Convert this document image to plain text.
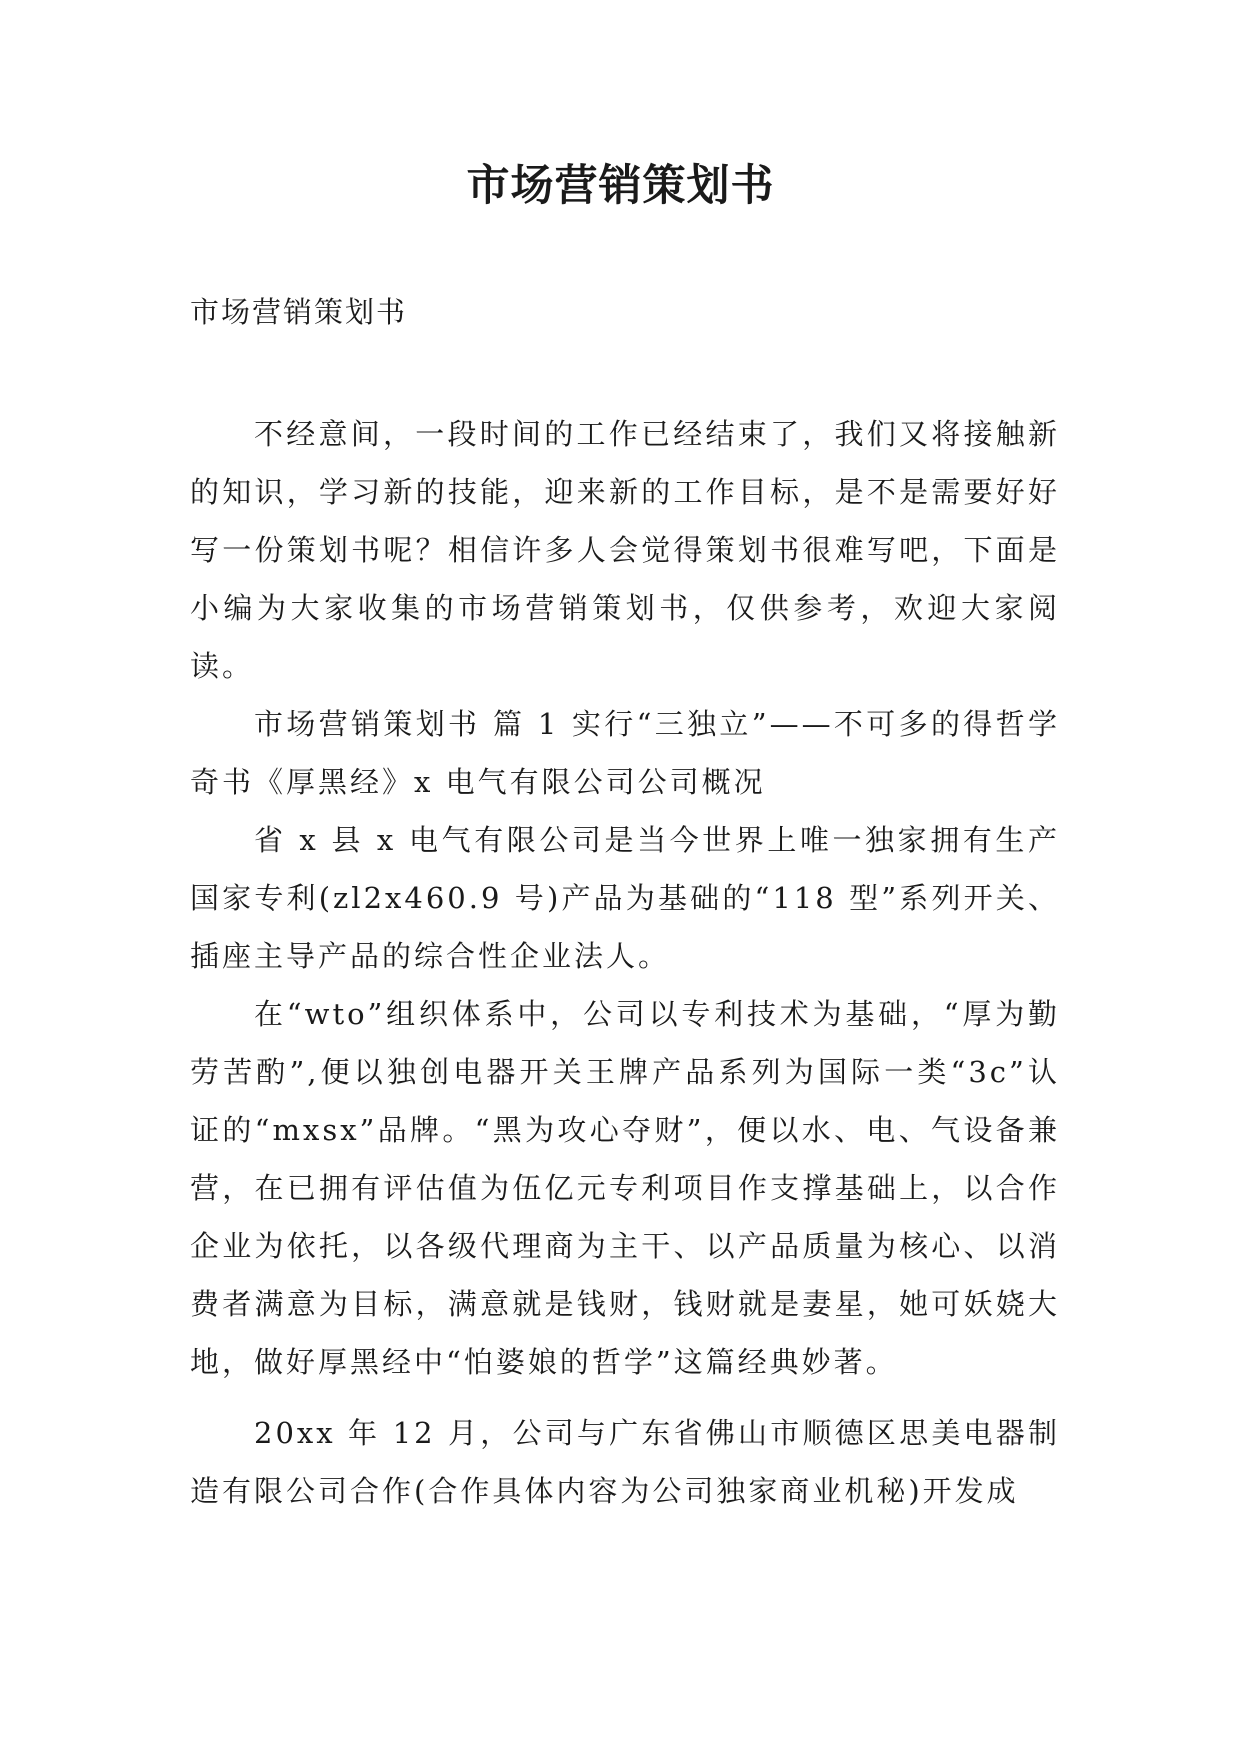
市场营销策划书
市场营销策划书

不经意间，一段时间的工作已经结束了，我们又将接触新的知识，学习新的技能，迎来新的工作目标，是不是需要好好写一份策划书呢？相信许多人会觉得策划书很难写吧，下面是小编为大家收集的市场营销策划书，仅供参考，欢迎大家阅读。

市场营销策划书 篇 1 实行“三独立”——不可多的得哲学奇书《厚黑经》x 电气有限公司公司概况

省 x 县 x 电气有限公司是当今世界上唯一独家拥有生产国家专利(zl2x460.9 号)产品为基础的“118 型”系列开关、插座主导产品的综合性企业法人。

在“wto”组织体系中，公司以专利技术为基础，“厚为勤劳苦酌”,便以独创电器开关王牌产品系列为国际一类“3c”认证的“mxsx”品牌。“黑为攻心夺财”，便以水、电、气设备兼营，在已拥有评估值为伍亿元专利项目作支撑基础上，以合作企业为依托，以各级代理商为主干、以产品质量为核心、以消费者满意为目标，满意就是钱财，钱财就是妻星，她可妖娆大地，做好厚黑经中“怕婆娘的哲学”这篇经典妙著。

20xx 年 12 月，公司与广东省佛山市顺德区思美电器制造有限公司合作(合作具体内容为公司独家商业机秘)开发成
